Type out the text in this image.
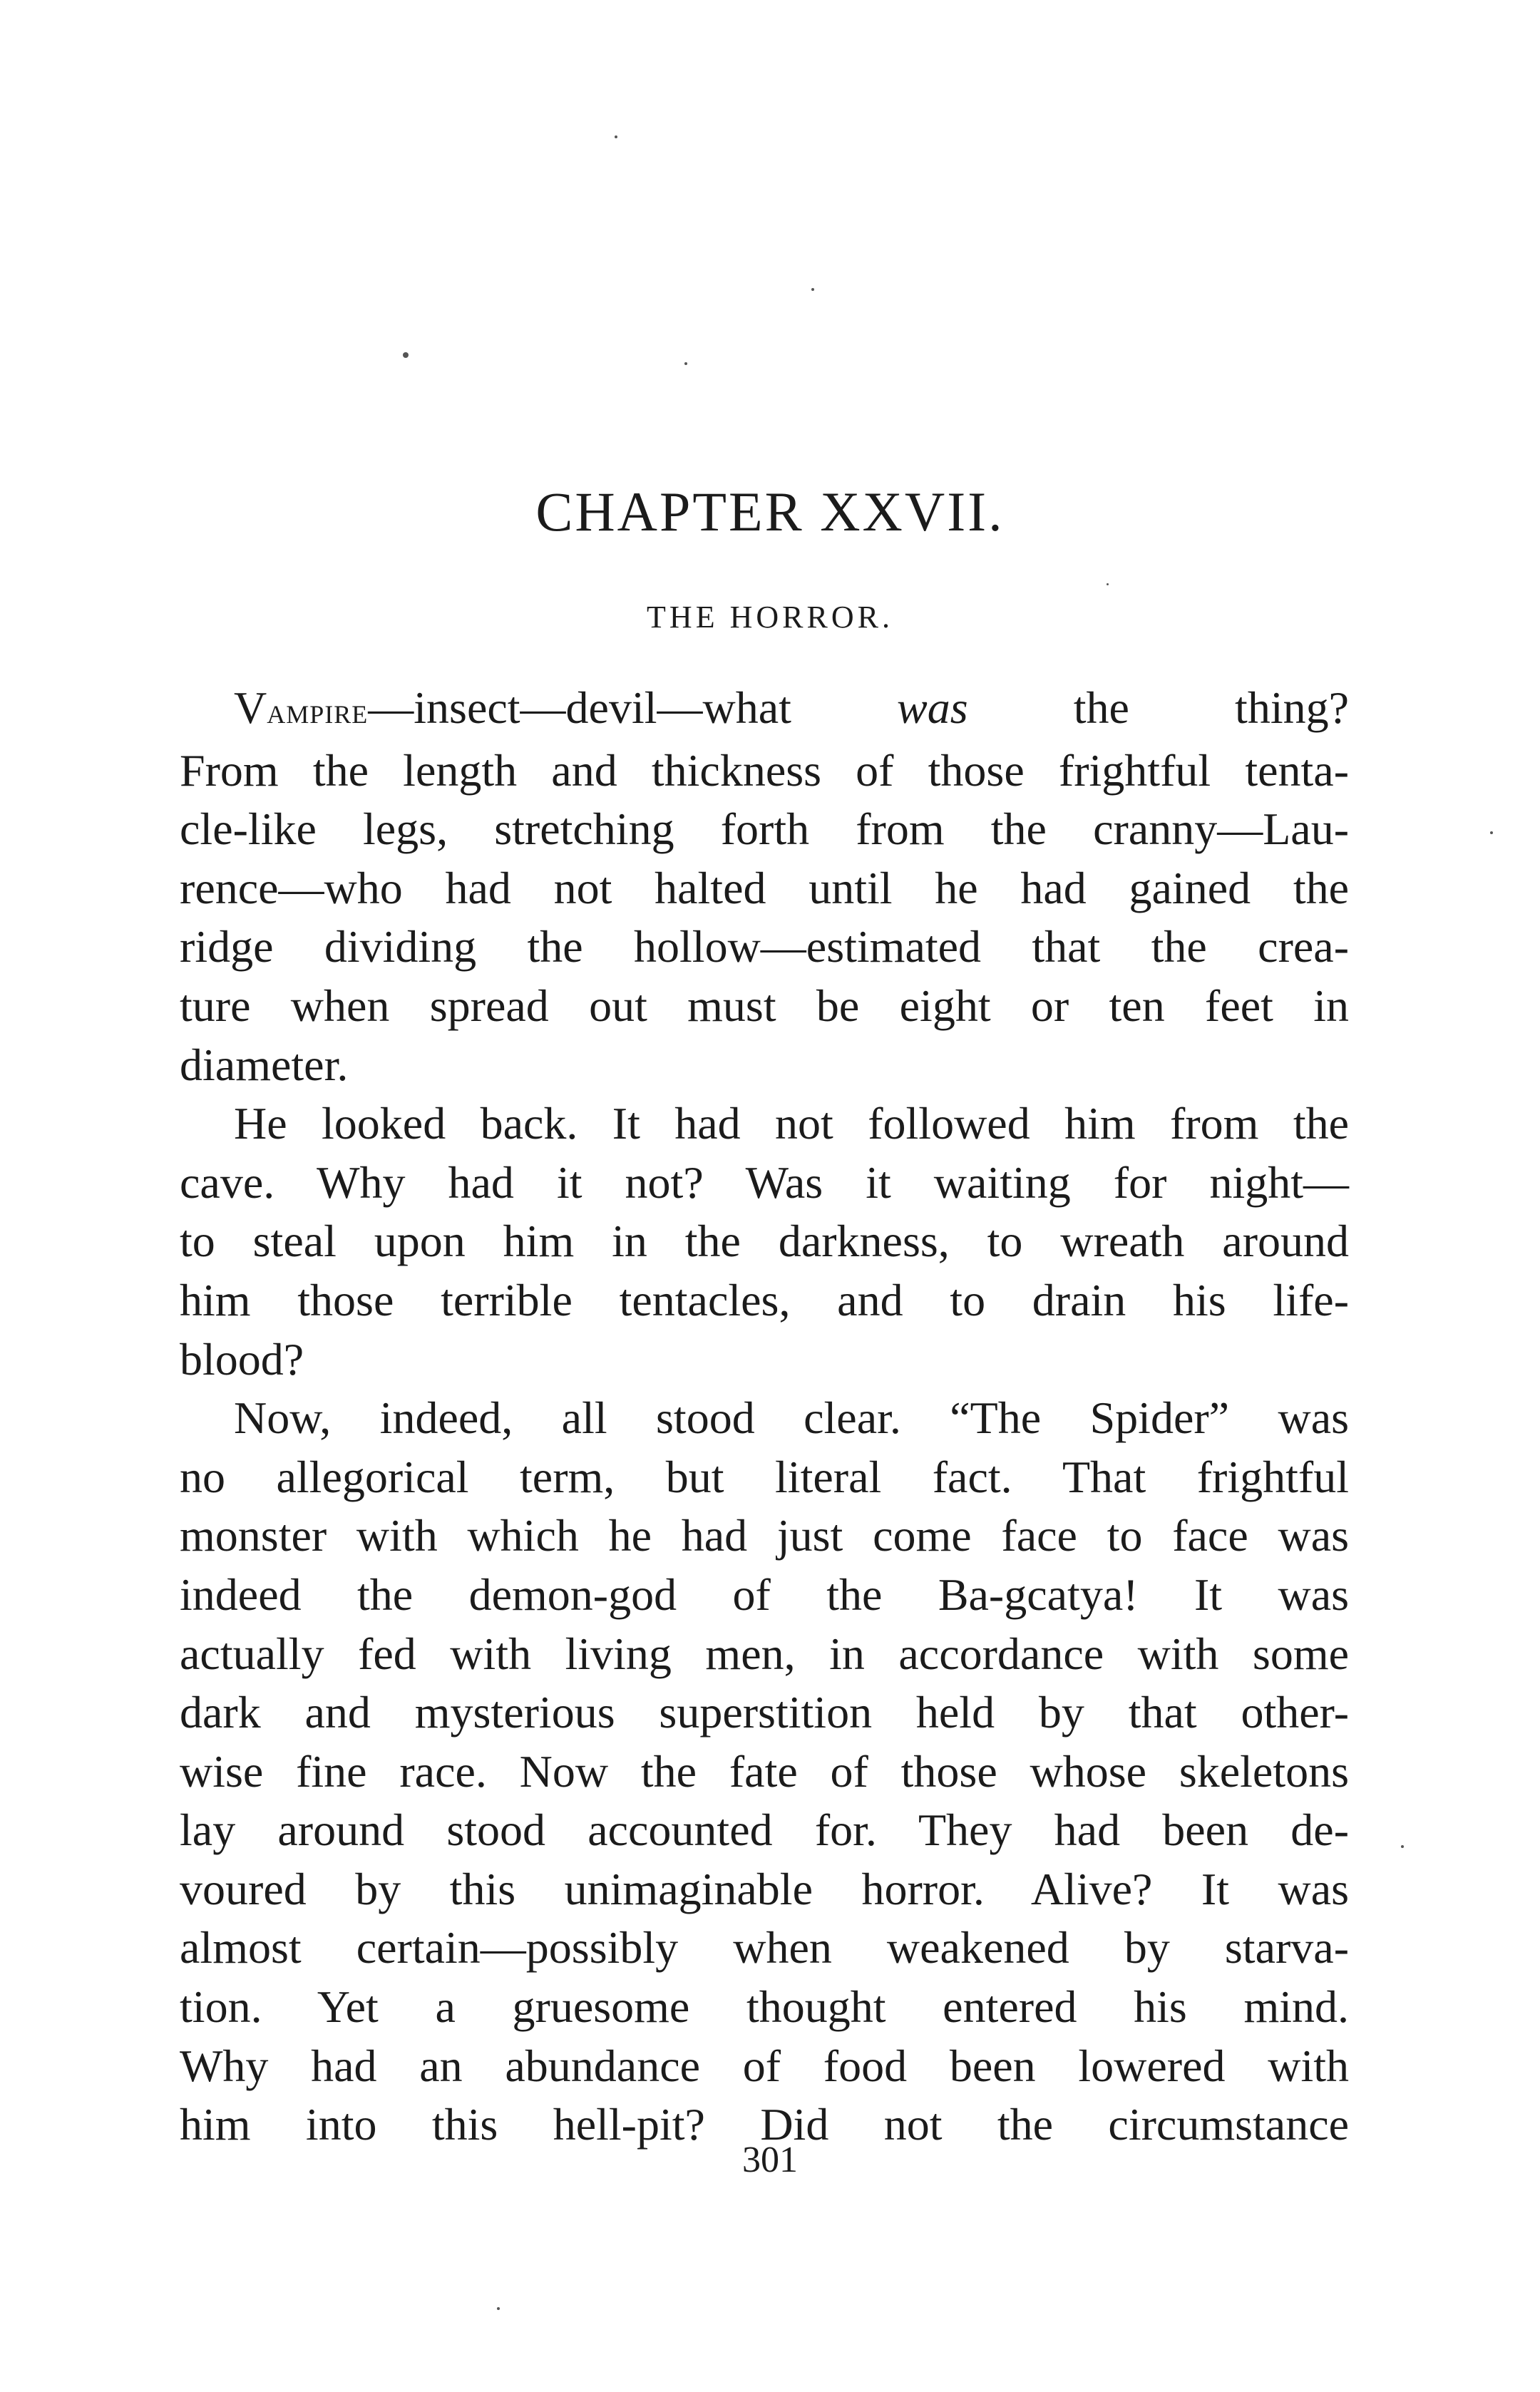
CHAPTER XXVII.
THE HORROR.

Vampire—insect—devil—what was the thing?
From the length and thickness of those frightful tenta-
cle-like legs, stretching forth from the cranny—Lau-
rence—who had not halted until he had gained the
ridge dividing the hollow—estimated that the crea-
ture when spread out must be eight or ten feet in
diameter.

He looked back. It had not followed him from the
cave. Why had it not? Was it waiting for night—
to steal upon him in the darkness, to wreath around
him those terrible tentacles, and to drain his life-
blood?

Now, indeed, all stood clear. “The Spider” was
no allegorical term, but literal fact. That frightful
monster with which he had just come face to face was
indeed the demon-god of the Ba-gcatya! It was
actually fed with living men, in accordance with some
dark and mysterious superstition held by that other-
wise fine race. Now the fate of those whose skeletons
lay around stood accounted for. They had been de-
voured by this unimaginable horror. Alive? It was
almost certain—possibly when weakened by starva-
tion. Yet a gruesome thought entered his mind.
Why had an abundance of food been lowered with
him into this hell-pit? Did not the circumstance

301
